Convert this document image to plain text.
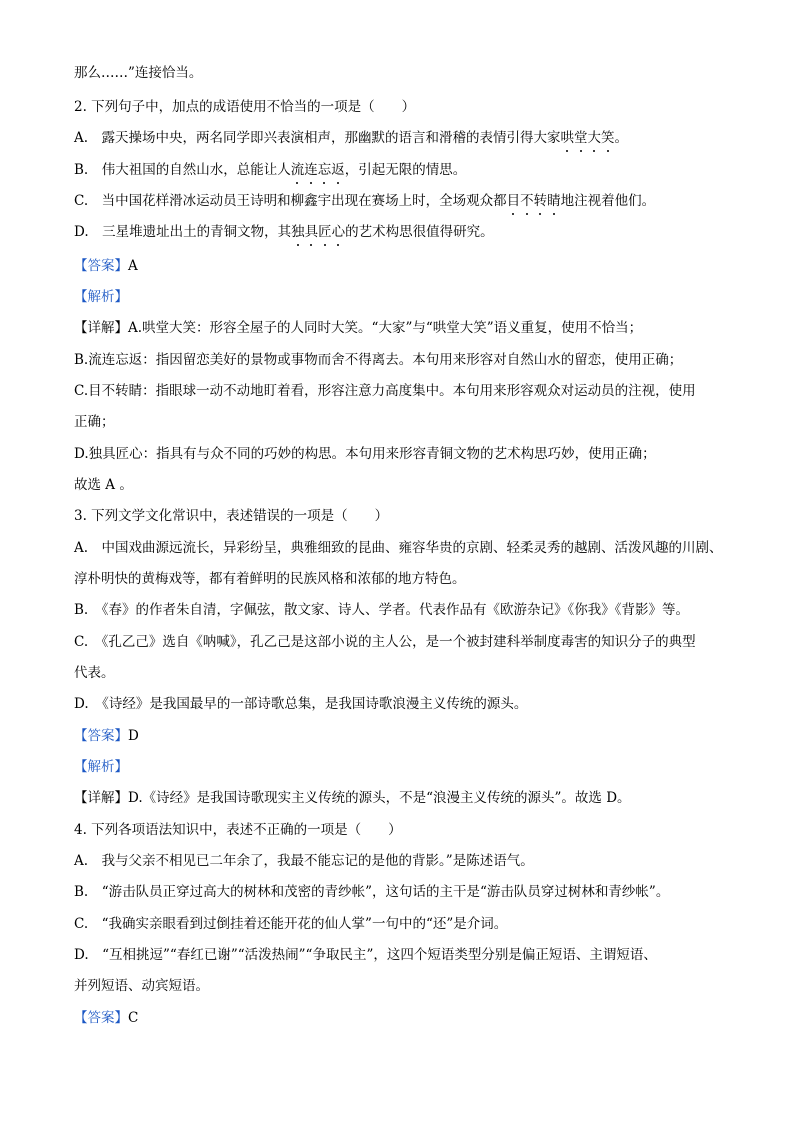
那么……”连接恰当。
2. 下列句子中，加点的成语使用不恰当的一项是（　　）
A.　露天操场中央，两名同学即兴表演相声，那幽默的语言和滑稽的表情引得大家哄堂大笑。
B.　伟大祖国的自然山水，总能让人流连忘返，引起无限的情思。
C.　当中国花样滑冰运动员王诗明和柳鑫宇出现在赛场上时，全场观众都目不转睛地注视着他们。
D.　三星堆遗址出土的青铜文物，其独具匠心的艺术构思很值得研究。
【答案】A
【解析】
【详解】A.哄堂大笑：形容全屋子的人同时大笑。“大家”与“哄堂大笑”语义重复，使用不恰当；
B.流连忘返：指因留恋美好的景物或事物而舍不得离去。本句用来形容对自然山水的留恋，使用正确；
C.目不转睛：指眼球一动不动地盯着看，形容注意力高度集中。本句用来形容观众对运动员的注视，使用
正确；
D.独具匠心：指具有与众不同的巧妙的构思。本句用来形容青铜文物的艺术构思巧妙，使用正确；
故选 A 。
3. 下列文学文化常识中，表述错误的一项是（　　）
A.　中国戏曲源远流长，异彩纷呈，典雅细致的昆曲、雍容华贵的京剧、轻柔灵秀的越剧、活泼风趣的川剧、
淳朴明快的黄梅戏等，都有着鲜明的民族风格和浓郁的地方特色。
B.　《春》的作者朱自清，字佩弦，散文家、诗人、学者。代表作品有《欧游杂记》《你我》《背影》等。
C.　《孔乙己》选自《呐喊》，孔乙己是这部小说的主人公，是一个被封建科举制度毒害的知识分子的典型
代表。
D.　《诗经》是我国最早的一部诗歌总集，是我国诗歌浪漫主义传统的源头。
【答案】D
【解析】
【详解】D.《诗经》是我国诗歌现实主义传统的源头，不是“浪漫主义传统的源头”。故选 D。
4. 下列各项语法知识中，表述不正确的一项是（　　）
A.　我与父亲不相见已二年余了，我最不能忘记的是他的背影。”是陈述语气。
B.　“游击队员正穿过高大的树林和茂密的青纱帐”，这句话的主干是“游击队员穿过树林和青纱帐”。
C.　“我确实亲眼看到过倒挂着还能开花的仙人掌”一句中的“还”是介词。
D.　“互相挑逗”“春红已谢”“活泼热闹”“争取民主”，这四个短语类型分别是偏正短语、主谓短语、
并列短语、动宾短语。
【答案】C
